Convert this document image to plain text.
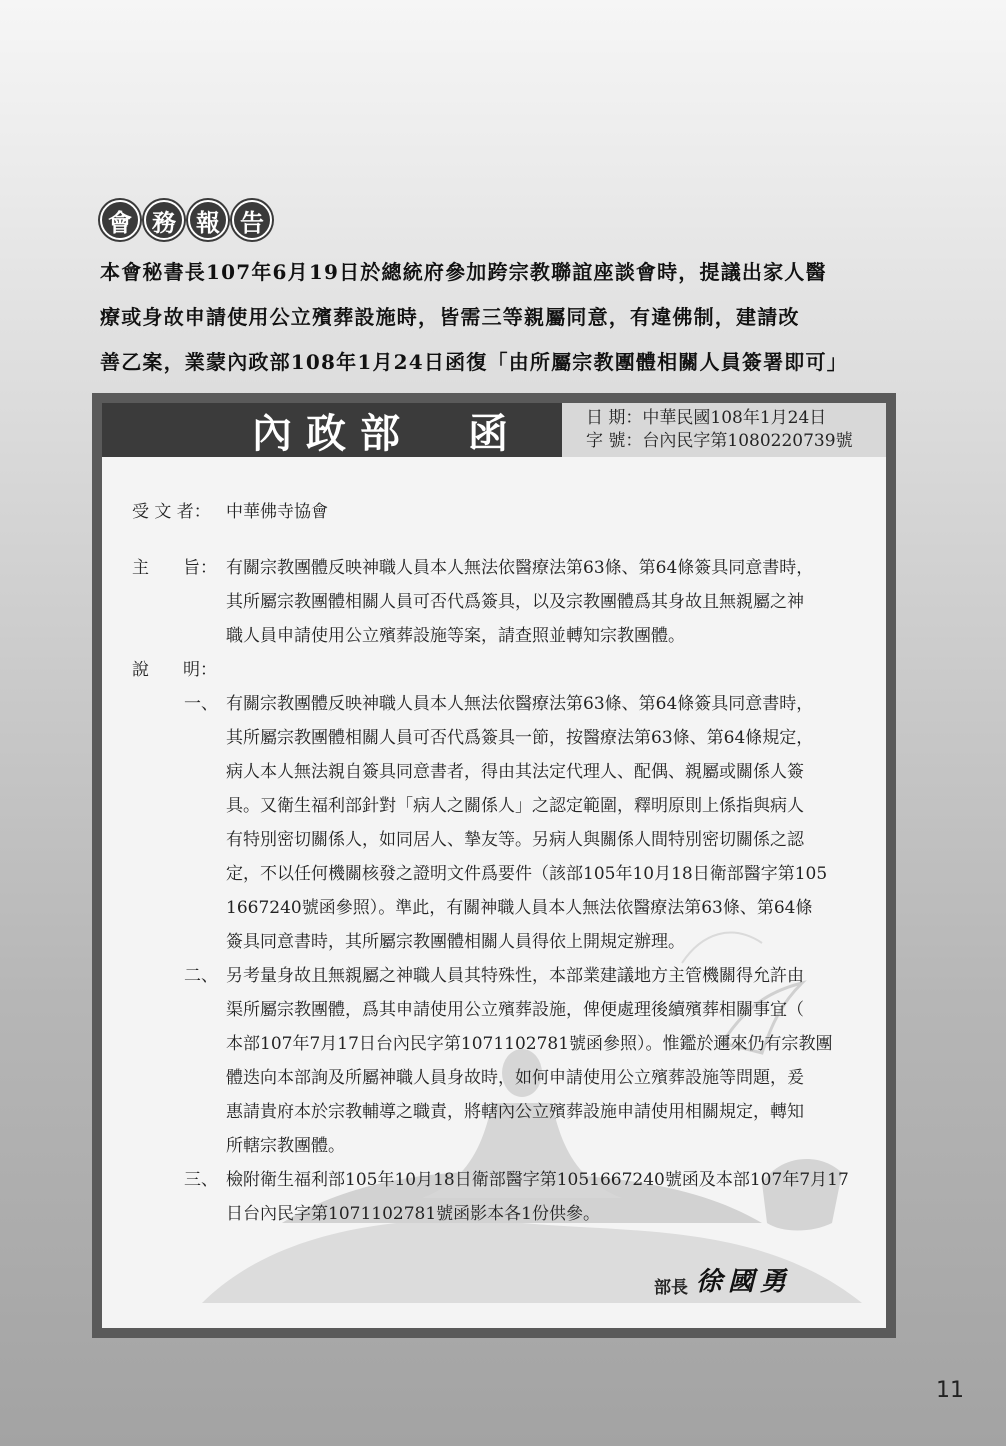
會 務 報 告
本會秘書長107年6月19日於總統府參加跨宗教聯誼座談會時，提議出家人醫
療或身故申請使用公立殯葬設施時，皆需三等親屬同意，有違佛制，建請改
善乙案，業蒙內政部108年1月24日函復「由所屬宗教團體相關人員簽署即可」
內政部　函	日 期：中華民國108年1月24日
字 號：台內民字第1080220739號
受 文 者： 中華佛寺協會
主　　旨： 有關宗教團體反映神職人員本人無法依醫療法第63條、第64條簽具同意書時，
其所屬宗教團體相關人員可否代爲簽具，以及宗教團體爲其身故且無親屬之神
職人員申請使用公立殯葬設施等案，請查照並轉知宗教團體。
說　　明：
一、 有關宗教團體反映神職人員本人無法依醫療法第63條、第64條簽具同意書時，
其所屬宗教團體相關人員可否代爲簽具一節，按醫療法第63條、第64條規定，
病人本人無法親自簽具同意書者，得由其法定代理人、配偶、親屬或關係人簽
具。又衛生福利部針對「病人之關係人」之認定範圍，釋明原則上係指與病人
有特別密切關係人，如同居人、摯友等。另病人與關係人間特別密切關係之認
定，不以任何機關核發之證明文件爲要件（該部105年10月18日衛部醫字第105
1667240號函參照）。準此，有關神職人員本人無法依醫療法第63條、第64條
簽具同意書時，其所屬宗教團體相關人員得依上開規定辦理。
二、 另考量身故且無親屬之神職人員其特殊性，本部業建議地方主管機關得允許由
渠所屬宗教團體，爲其申請使用公立殯葬設施，俾便處理後續殯葬相關事宜（
本部107年7月17日台內民字第1071102781號函參照）。惟鑑於邇來仍有宗教團
體迭向本部詢及所屬神職人員身故時，如何申請使用公立殯葬設施等問題，爰
惠請貴府本於宗教輔導之職責，將轄內公立殯葬設施申請使用相關規定，轉知
所轄宗教團體。
三、 檢附衛生福利部105年10月18日衛部醫字第1051667240號函及本部107年7月17
日台內民字第1071102781號函影本各1份供參。
部長 徐國勇
11
